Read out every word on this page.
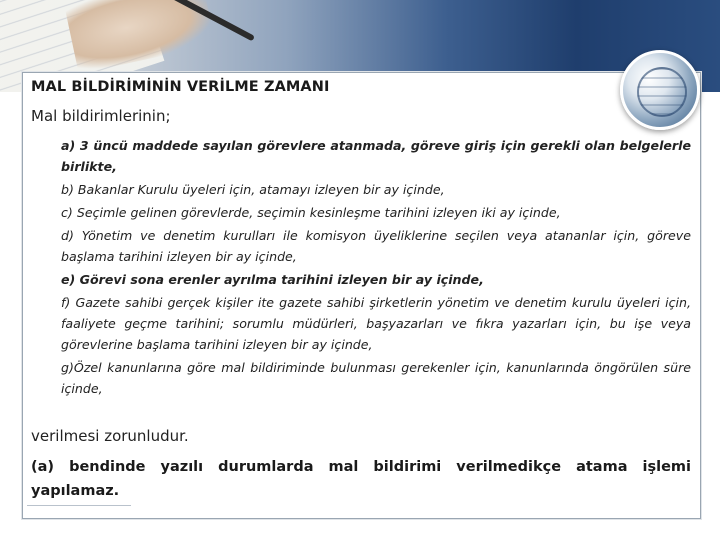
MAL BİLDİRİMİNİN VERİLME ZAMANI
Mal bildirimlerinin;
a) 3 üncü maddede sayılan görevlere atanmada, göreve giriş için gerekli olan belgelerle birlikte,
b) Bakanlar Kurulu üyeleri için, atamayı izleyen bir ay içinde,
c) Seçimle gelinen görevlerde, seçimin kesinleşme tarihini izleyen iki ay içinde,
d) Yönetim ve denetim kurulları ile komisyon üyeliklerine seçilen veya atananlar için, göreve başlama tarihini izleyen bir ay içinde,
e) Görevi sona erenler ayrılma tarihini izleyen bir ay içinde,
f) Gazete sahibi gerçek kişiler ite gazete sahibi şirketlerin yönetim ve denetim kurulu üyeleri için, faaliyete geçme tarihini; sorumlu müdürleri, başyazarları ve fıkra yazarları için, bu işe veya görevlerine başlama tarihini izleyen bir ay içinde,
g)Özel kanunlarına göre mal bildiriminde bulunması gerekenler için, kanunlarında öngörülen süre içinde,
verilmesi zorunludur.
(a) bendinde yazılı durumlarda mal bildirimi verilmedikçe atama işlemi yapılamaz.
